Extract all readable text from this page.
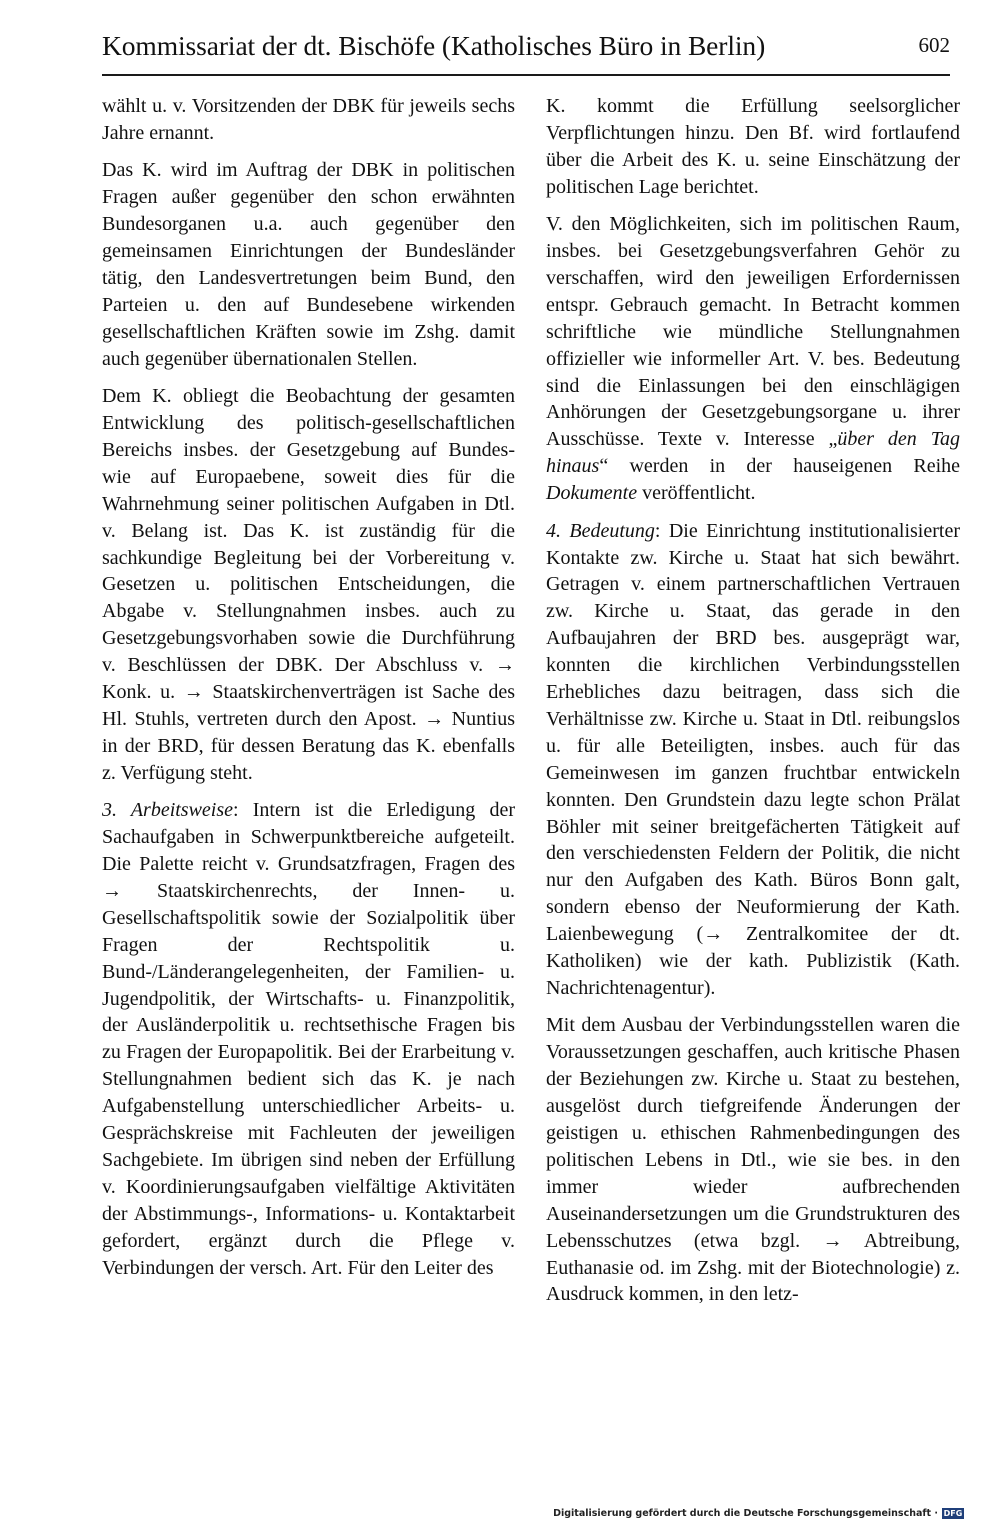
Kommissariat der dt. Bischöfe (Katholisches Büro in Berlin)	602

wählt u. v. Vorsitzenden der DBK für jeweils sechs Jahre ernannt.

Das K. wird im Auftrag der DBK in politischen Fragen außer gegenüber den schon erwähnten Bundesorganen u.a. auch gegenüber den gemeinsamen Einrichtungen der Bundesländer tätig, den Landesvertretungen beim Bund, den Parteien u. den auf Bundesebene wirkenden gesellschaftlichen Kräften sowie im Zshg. damit auch gegenüber übernationalen Stellen.

Dem K. obliegt die Beobachtung der gesamten Entwicklung des politisch-gesellschaftlichen Bereichs insbes. der Gesetzgebung auf Bundes- wie auf Europaebene, soweit dies für die Wahrnehmung seiner politischen Aufgaben in Dtl. v. Belang ist. Das K. ist zuständig für die sachkundige Begleitung bei der Vorbereitung v. Gesetzen u. politischen Entscheidungen, die Abgabe v. Stellungnahmen insbes. auch zu Gesetzgebungsvorhaben sowie die Durchführung v. Beschlüssen der DBK. Der Abschluss v. → Konk. u. → Staatskirchenverträgen ist Sache des Hl. Stuhls, vertreten durch den Apost. → Nuntius in der BRD, für dessen Beratung das K. ebenfalls z. Verfügung steht.

3. Arbeitsweise: Intern ist die Erledigung der Sachaufgaben in Schwerpunktbereiche aufgeteilt. Die Palette reicht v. Grundsatzfragen, Fragen des → Staatskirchenrechts, der Innen- u. Gesellschaftspolitik sowie der Sozialpolitik über Fragen der Rechtspolitik u. Bund-/Länderangelegenheiten, der Familien- u. Jugendpolitik, der Wirtschafts- u. Finanzpolitik, der Ausländerpolitik u. rechtsethische Fragen bis zu Fragen der Europapolitik. Bei der Erarbeitung v. Stellungnahmen bedient sich das K. je nach Aufgabenstellung unterschiedlicher Arbeits- u. Gesprächskreise mit Fachleuten der jeweiligen Sachgebiete. Im übrigen sind neben der Erfüllung v. Koordinierungsaufgaben vielfältige Aktivitäten der Abstimmungs-, Informations- u. Kontaktarbeit gefordert, ergänzt durch die Pflege v. Verbindungen der versch. Art. Für den Leiter des

K. kommt die Erfüllung seelsorglicher Verpflichtungen hinzu. Den Bf. wird fortlaufend über die Arbeit des K. u. seine Einschätzung der politischen Lage berichtet.

V. den Möglichkeiten, sich im politischen Raum, insbes. bei Gesetzgebungsverfahren Gehör zu verschaffen, wird den jeweiligen Erfordernissen entspr. Gebrauch gemacht. In Betracht kommen schriftliche wie mündliche Stellungnahmen offizieller wie informeller Art. V. bes. Bedeutung sind die Einlassungen bei den einschlägigen Anhörungen der Gesetzgebungsorgane u. ihrer Ausschüsse. Texte v. Interesse „über den Tag hinaus“ werden in der hauseigenen Reihe Dokumente veröffentlicht.

4. Bedeutung: Die Einrichtung institutionalisierter Kontakte zw. Kirche u. Staat hat sich bewährt. Getragen v. einem partnerschaftlichen Vertrauen zw. Kirche u. Staat, das gerade in den Aufbaujahren der BRD bes. ausgeprägt war, konnten die kirchlichen Verbindungsstellen Erhebliches dazu beitragen, dass sich die Verhältnisse zw. Kirche u. Staat in Dtl. reibungslos u. für alle Beteiligten, insbes. auch für das Gemeinwesen im ganzen fruchtbar entwickeln konnten. Den Grundstein dazu legte schon Prälat Böhler mit seiner breitgefächerten Tätigkeit auf den verschiedensten Feldern der Politik, die nicht nur den Aufgaben des Kath. Büros Bonn galt, sondern ebenso der Neuformierung der Kath. Laienbewegung (→ Zentralkomitee der dt. Katholiken) wie der kath. Publizistik (Kath. Nachrichtenagentur).

Mit dem Ausbau der Verbindungsstellen waren die Voraussetzungen geschaffen, auch kritische Phasen der Beziehungen zw. Kirche u. Staat zu bestehen, ausgelöst durch tiefgreifende Änderungen der geistigen u. ethischen Rahmenbedingungen des politischen Lebens in Dtl., wie sie bes. in den immer wieder aufbrechenden Auseinandersetzungen um die Grundstrukturen des Lebensschutzes (etwa bzgl. → Abtreibung, Euthanasie od. im Zshg. mit der Biotechnologie) z. Ausdruck kommen, in den letz-

Digitalisierung gefördert durch die Deutsche Forschungsgemeinschaft · DFG
